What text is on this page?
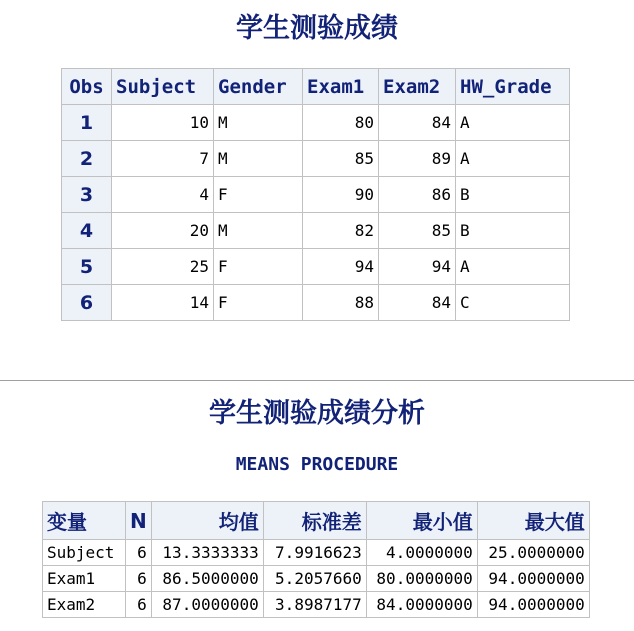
学生测验成绩
Obs	Subject	Gender	Exam1	Exam2	HW_Grade
1	10	M	80	84	A
2	7	M	85	89	A
3	4	F	90	86	B
4	20	M	82	85	B
5	25	F	94	94	A
6	14	F	88	84	C
学生测验成绩分析
MEANS PROCEDURE
变量	N	均值	标准差	最小值	最大值
Subject	6	13.3333333	7.9916623	4.0000000	25.0000000
Exam1	6	86.5000000	5.2057660	80.0000000	94.0000000
Exam2	6	87.0000000	3.8987177	84.0000000	94.0000000
